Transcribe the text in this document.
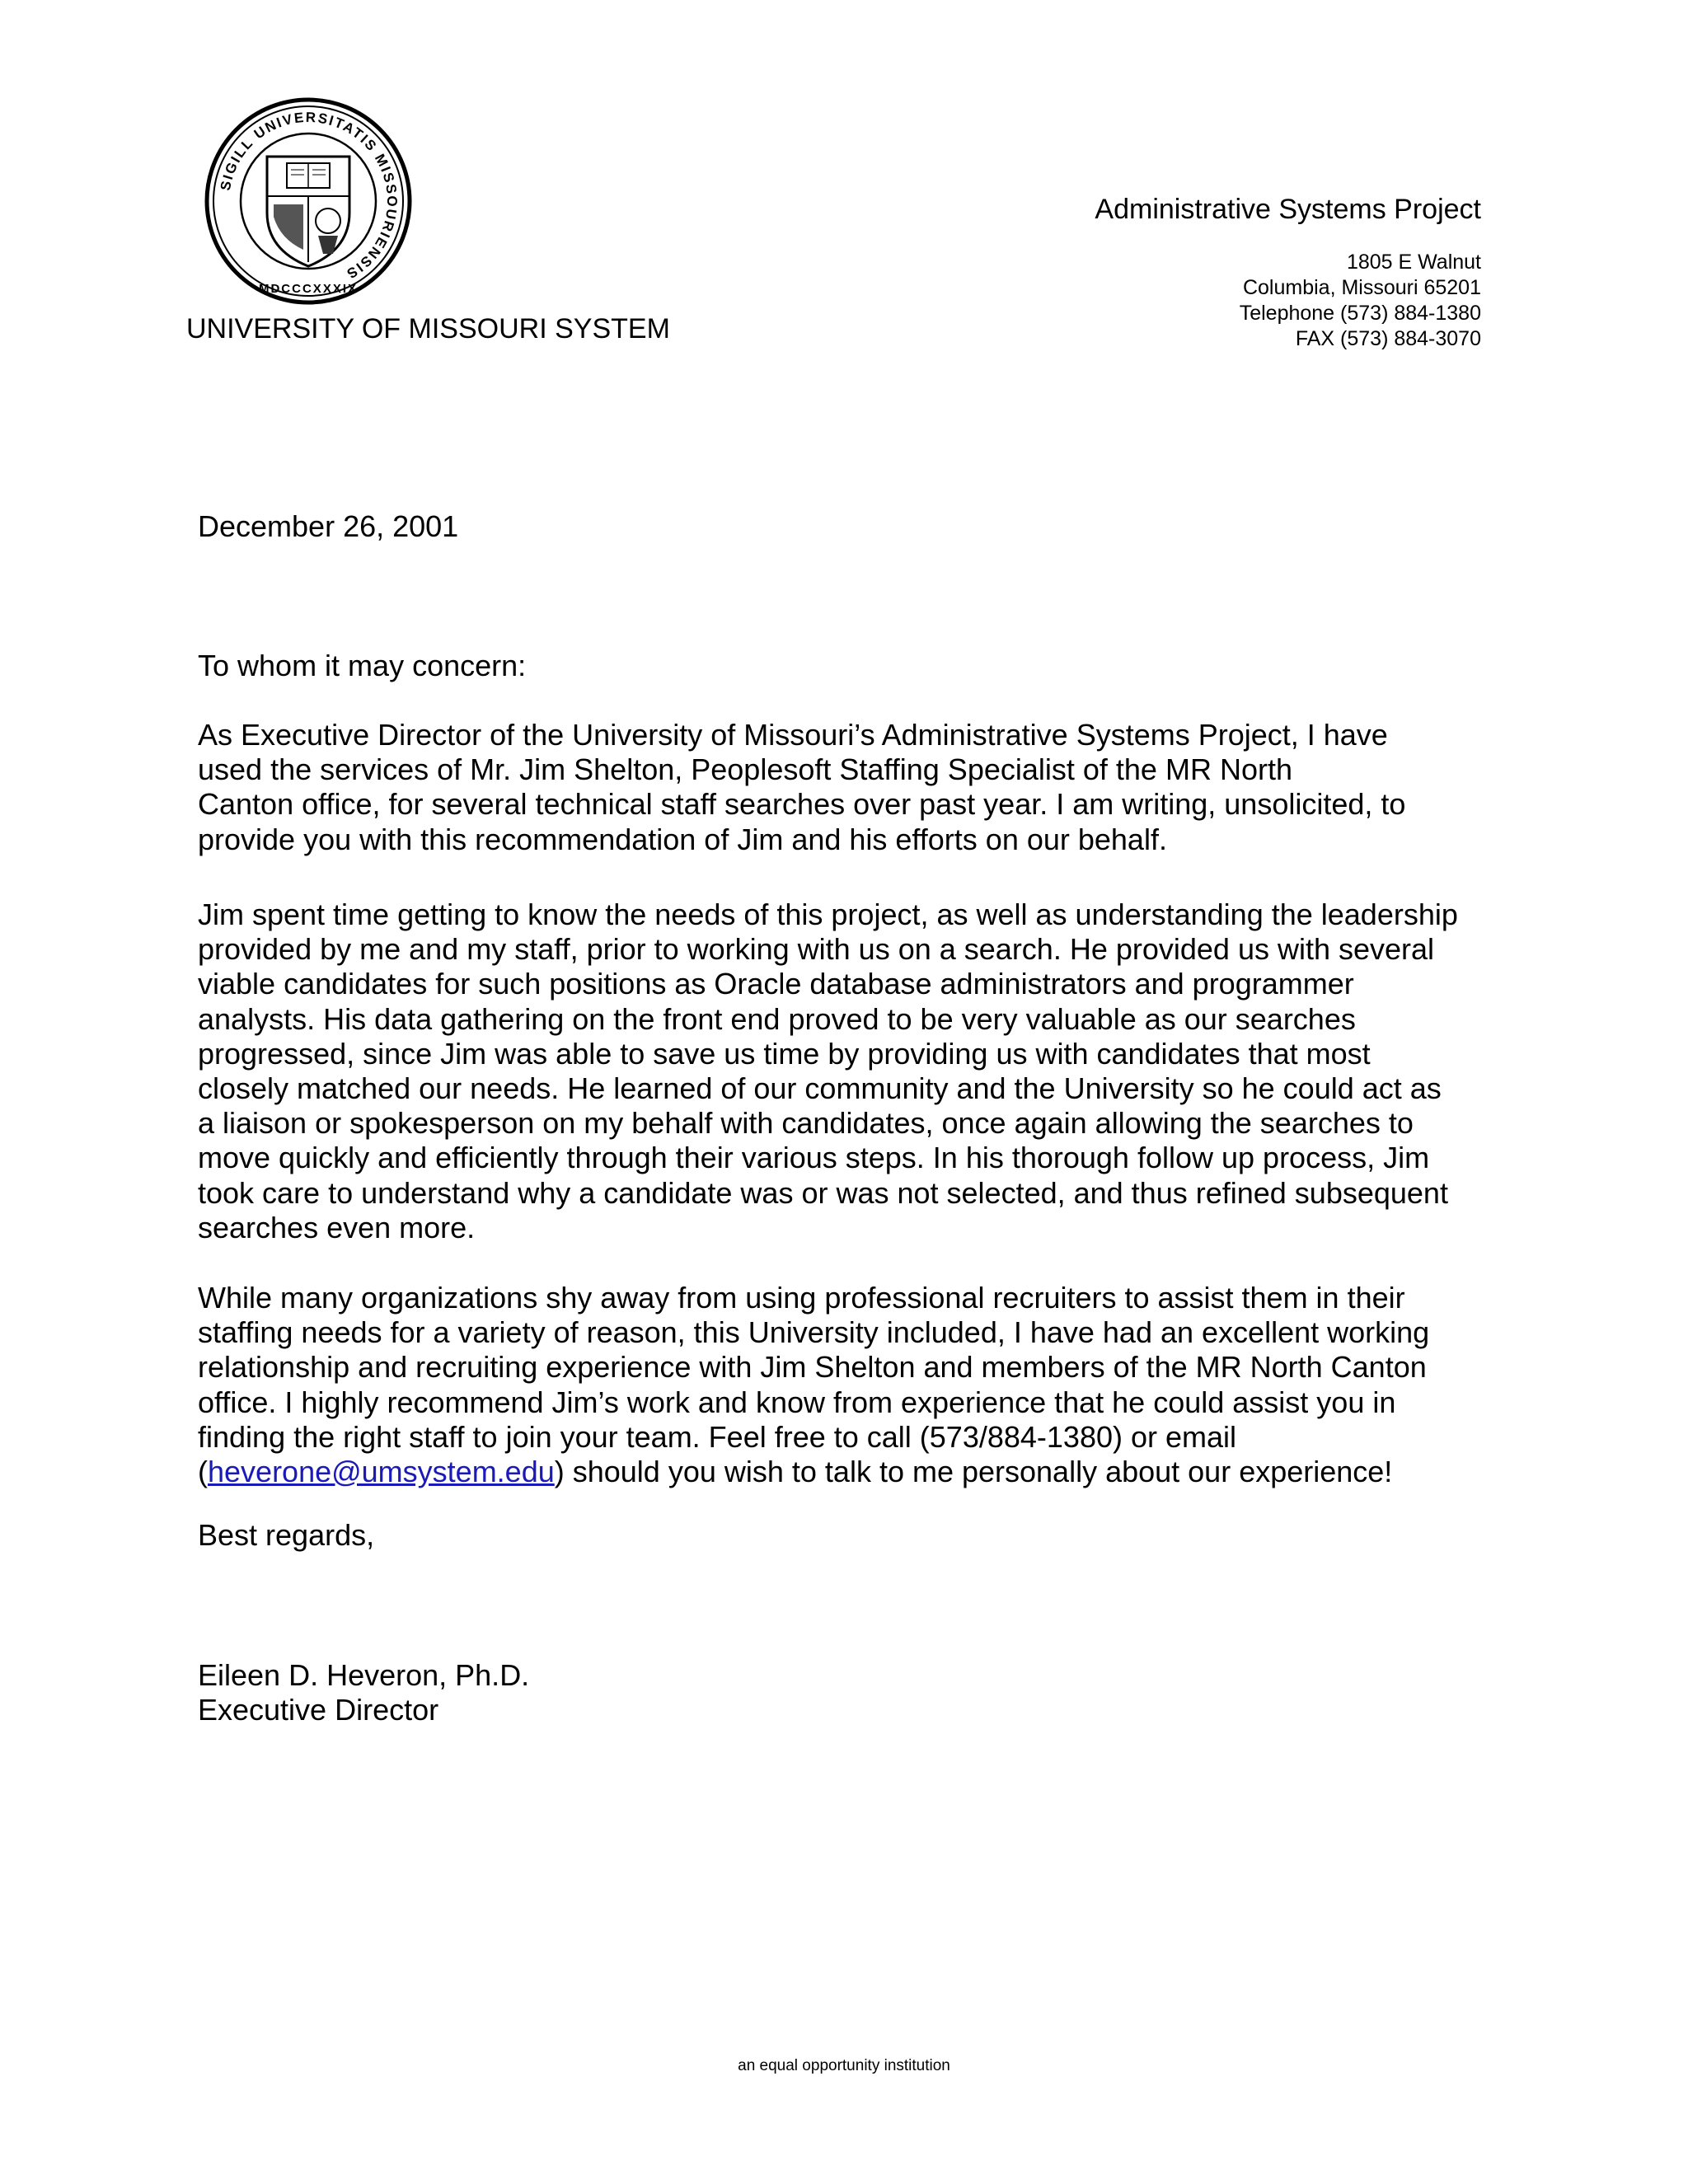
SIGILL UNIVERSITATIS MISSOURIENSIS
MDCCCXXXIX
UNIVERSITY OF MISSOURI SYSTEM
Administrative Systems Project
1805 E Walnut
Columbia, Missouri 65201
Telephone (573) 884-1380
FAX (573) 884-3070
December 26, 2001
To whom it may concern:
As Executive Director of the University of Missouri’s Administrative Systems Project, I have
used the services of Mr. Jim Shelton, Peoplesoft Staffing Specialist of the MR North
Canton office, for several technical staff searches over past year. I am writing, unsolicited, to
provide you with this recommendation of Jim and his efforts on our behalf.
Jim spent time getting to know the needs of this project, as well as understanding the leadership
provided by me and my staff, prior to working with us on a search. He provided us with several
viable candidates for such positions as Oracle database administrators and programmer
analysts. His data gathering on the front end proved to be very valuable as our searches
progressed, since Jim was able to save us time by providing us with candidates that most
closely matched our needs. He learned of our community and the University so he could act as
a liaison or spokesperson on my behalf with candidates, once again allowing the searches to
move quickly and efficiently through their various steps. In his thorough follow up process, Jim
took care to understand why a candidate was or was not selected, and thus refined subsequent
searches even more.
While many organizations shy away from using professional recruiters to assist them in their
staffing needs for a variety of reason, this University included, I have had an excellent working
relationship and recruiting experience with Jim Shelton and members of the MR North Canton
office. I highly recommend Jim’s work and know from experience that he could assist you in
finding the right staff to join your team. Feel free to call (573/884-1380) or email
(heverone@umsystem.edu) should you wish to talk to me personally about our experience!
Best regards,
Eileen D. Heveron, Ph.D.
Executive Director
an equal opportunity institution
